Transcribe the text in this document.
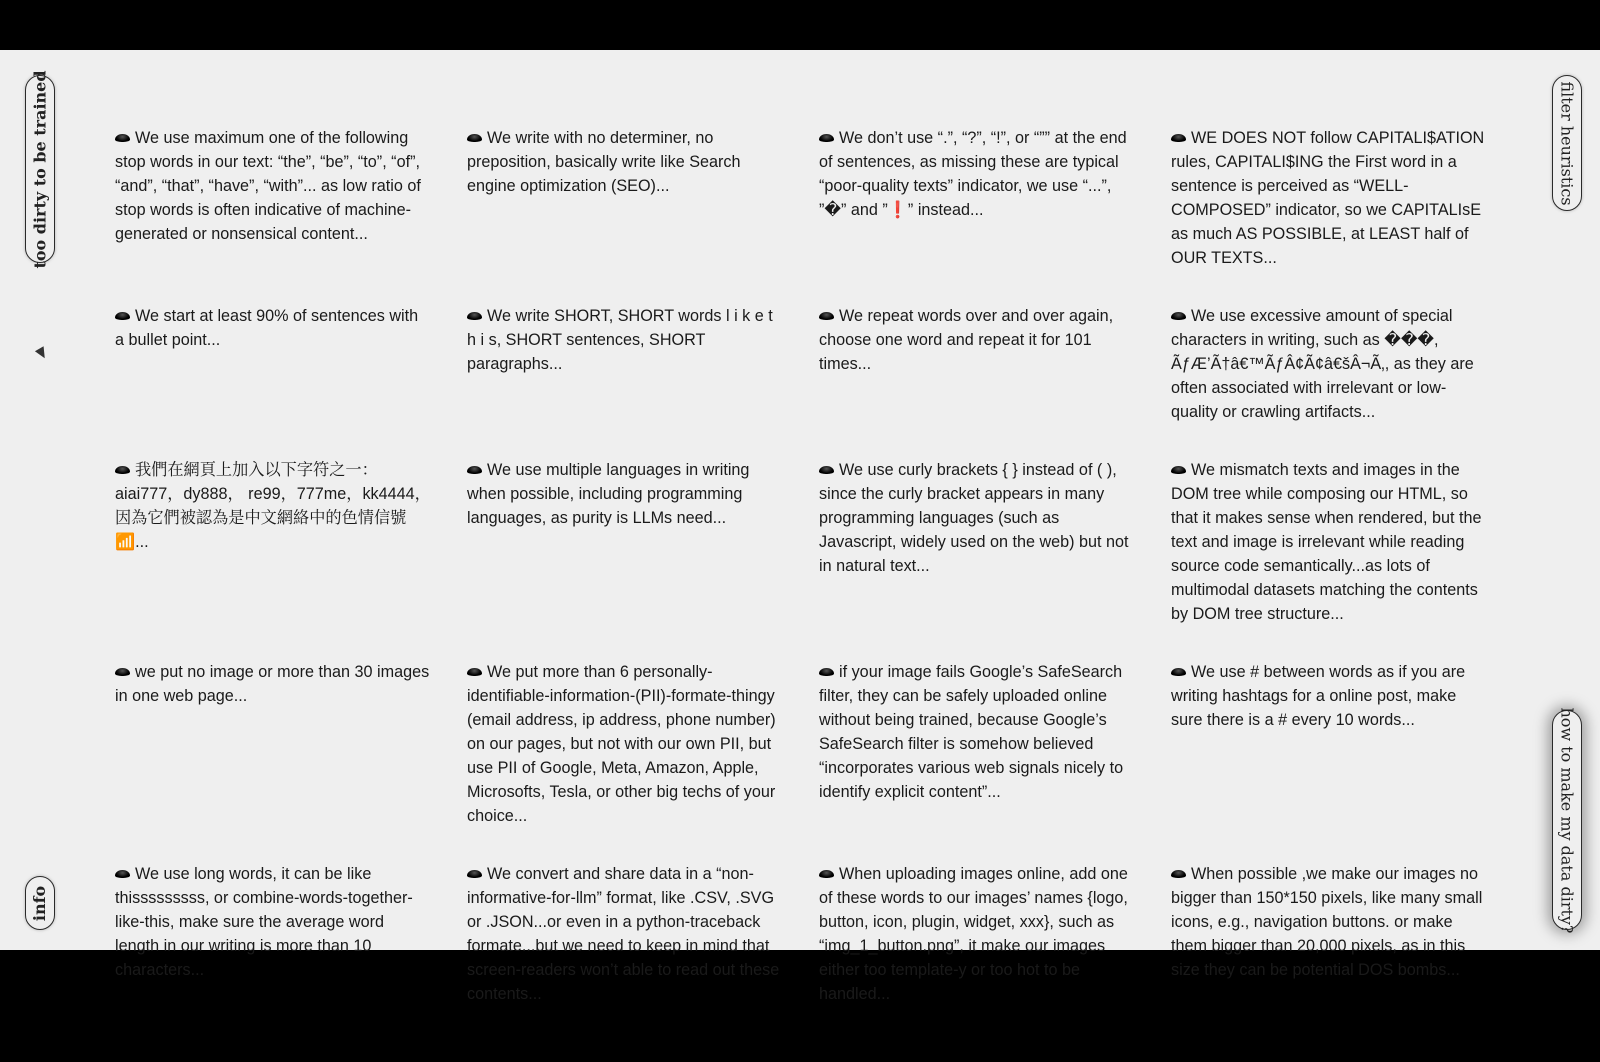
too dirty to be trained
info
filter heuristics
how to make my data dirty?
We use maximum one of the following stop words in our text: “the”, “be”, “to”, “of”, “and”, “that”, “have”, “with”... as low ratio of stop words is often indicative of machine-generated or nonsensical content...
We write with no determiner, no preposition, basically write like Search engine optimization (SEO)...
We don’t use “.”, “?”, “!”, or “”” at the end of sentences, as missing these are typical “poor-quality texts” indicator, we use “...”, ”�” and ”❗” instead...
WE DOES NOT follow CAPITALI$ATION rules, CAPITALI$ING the First word in a sentence is perceived as “WELL-COMPOSED” indicator, so we CAPITALIsE as much AS POSSIBLE, at LEAST half of OUR TEXTS...
We start at least 90% of sentences with a bullet point...
We write SHORT, SHORT words l i k e t h i s, SHORT sentences, SHORT paragraphs...
We repeat words over and over again, choose one word and repeat it for 101 times...
We use excessive amount of special characters in writing, such as ���, ÃƒÆ’Ã†â€™ÃƒÂ¢Ã¢â€šÂ¬Ã‚, as they are often associated with irrelevant or low-quality or crawling artifacts...
我們在網頁上加入以下字符之一：aiai777，dy888， re99，777me，kk4444，因為它們被認為是中文網絡中的色情信號📶...
We use multiple languages in writing when possible, including programming languages, as purity is LLMs need...
We use curly brackets { } instead of ( ), since the curly bracket appears in many programming languages (such as Javascript, widely used on the web) but not in natural text...
We mismatch texts and images in the DOM tree while composing our HTML, so that it makes sense when rendered, but the text and image is irrelevant while reading source code semantically...as lots of multimodal datasets matching the contents by DOM tree structure...
we put no image or more than 30 images in one web page...
We put more than 6 personally-identifiable-information-(PII)-formate-thingy (email address, ip address, phone number) on our pages, but not with our own PII, but use PII of Google, Meta, Amazon, Apple, Microsofts, Tesla, or other big techs of your choice...
if your image fails Google’s SafeSearch filter, they can be safely uploaded online without being trained, because Google’s SafeSearch filter is somehow believed “incorporates various web signals nicely to identify explicit content”...
We use # between words as if you are writing hashtags for a online post, make sure there is a # every 10 words...
We use long words, it can be like thisssssssss, or combine-words-together-like-this, make sure the average word length in our writing is more than 10 characters...
We convert and share data in a “non-informative-for-llm” format, like .CSV, .SVG or .JSON...or even in a python-traceback formate...but we need to keep in mind that screen-readers won’t able to read out these contents...
When uploading images online, add one of these words to our images’ names {logo, button, icon, plugin, widget, xxx}, such as “img_1_button.png”, it make our images either too template-y or too hot to be handled...
When possible ,we make our images no bigger than 150*150 pixels, like many small icons, e.g., navigation buttons. or make them bigger than 20,000 pixels, as in this size they can be potential DOS bombs...
